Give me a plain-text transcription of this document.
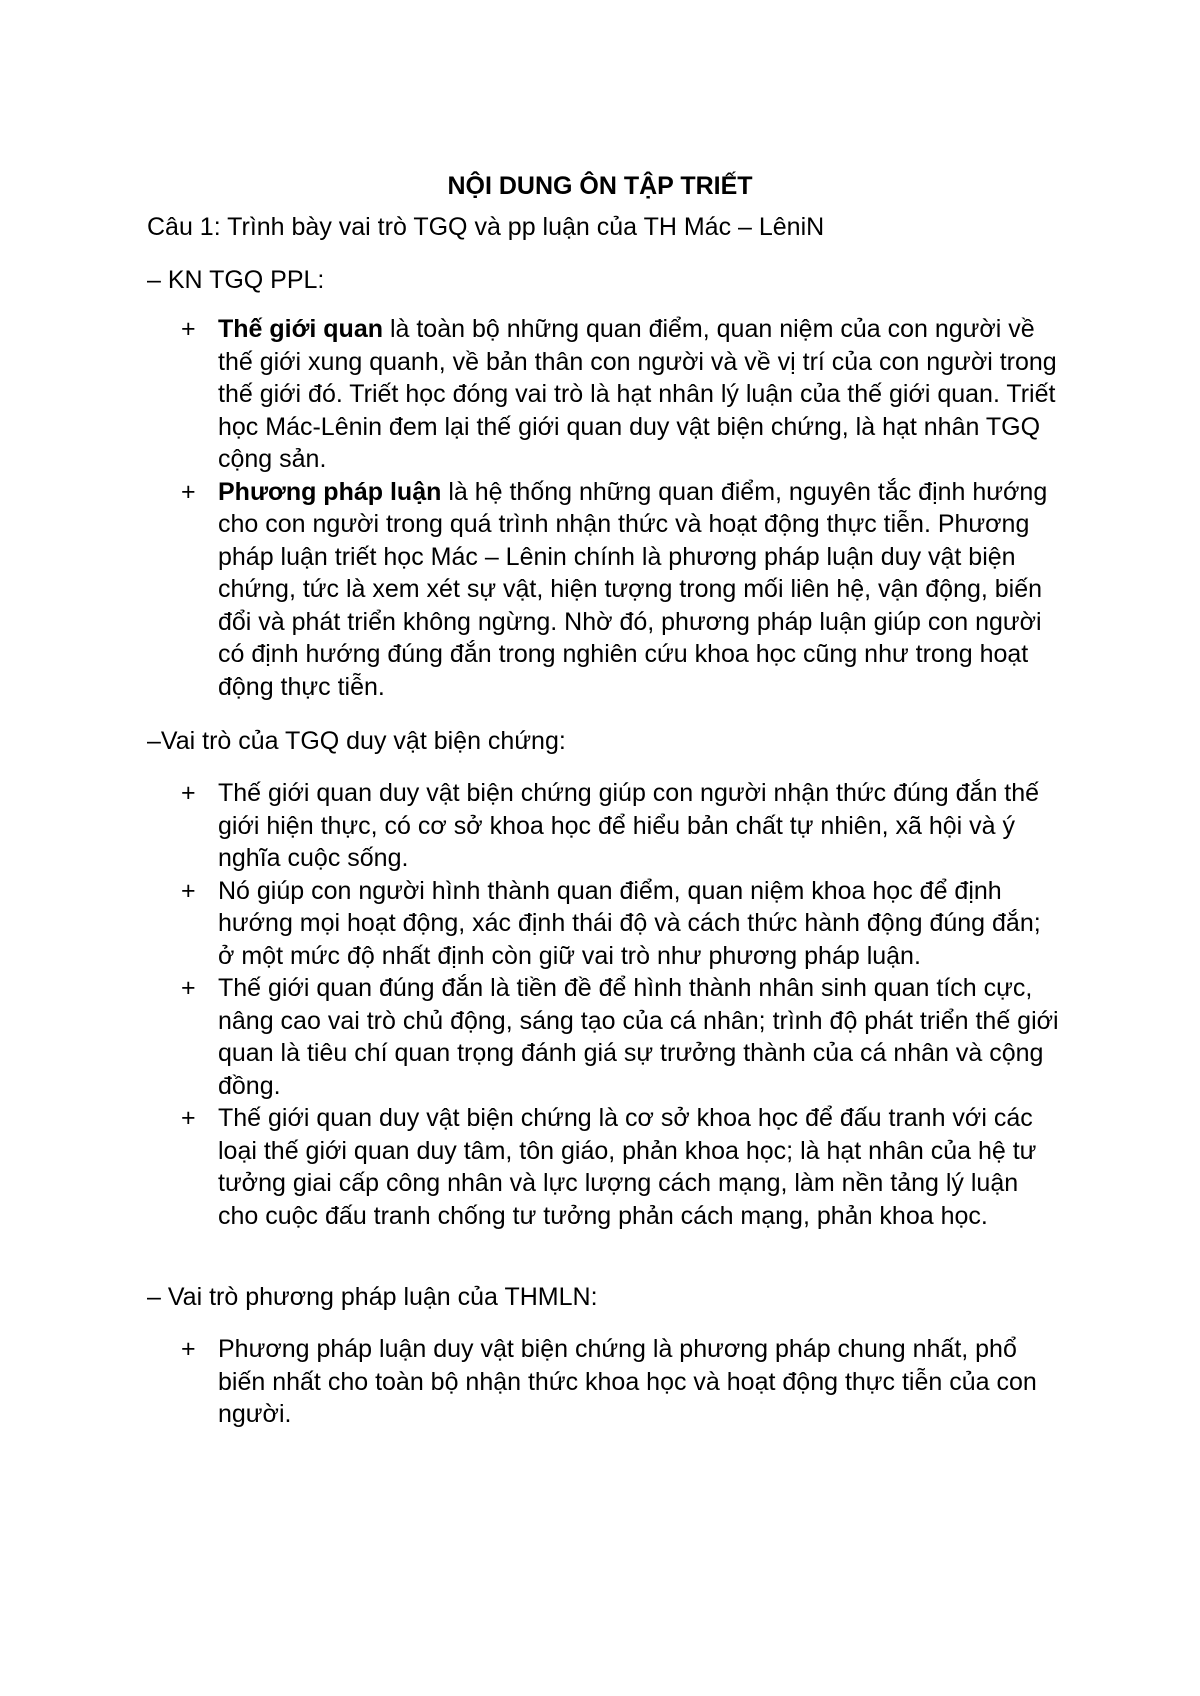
NỘI DUNG ÔN TẬP TRIẾT

Câu 1: Trình bày vai trò TGQ và pp luận của TH Mác – LêniN

– KN TGQ PPL:

+ Thế giới quan là toàn bộ những quan điểm, quan niệm của con người về thế giới xung quanh, về bản thân con người và về vị trí của con người trong thế giới đó. Triết học đóng vai trò là hạt nhân lý luận của thế giới quan. Triết học Mác-Lênin đem lại thế giới quan duy vật biện chứng, là hạt nhân TGQ cộng sản.
+ Phương pháp luận là hệ thống những quan điểm, nguyên tắc định hướng cho con người trong quá trình nhận thức và hoạt động thực tiễn. Phương pháp luận triết học Mác – Lênin chính là phương pháp luận duy vật biện chứng, tức là xem xét sự vật, hiện tượng trong mối liên hệ, vận động, biến đổi và phát triển không ngừng. Nhờ đó, phương pháp luận giúp con người có định hướng đúng đắn trong nghiên cứu khoa học cũng như trong hoạt động thực tiễn.

–Vai trò của TGQ duy vật biện chứng:

+ Thế giới quan duy vật biện chứng giúp con người nhận thức đúng đắn thế giới hiện thực, có cơ sở khoa học để hiểu bản chất tự nhiên, xã hội và ý nghĩa cuộc sống.
+ Nó giúp con người hình thành quan điểm, quan niệm khoa học để định hướng mọi hoạt động, xác định thái độ và cách thức hành động đúng đắn; ở một mức độ nhất định còn giữ vai trò như phương pháp luận.
+ Thế giới quan đúng đắn là tiền đề để hình thành nhân sinh quan tích cực, nâng cao vai trò chủ động, sáng tạo của cá nhân; trình độ phát triển thế giới quan là tiêu chí quan trọng đánh giá sự trưởng thành của cá nhân và cộng đồng.
+ Thế giới quan duy vật biện chứng là cơ sở khoa học để đấu tranh với các loại thế giới quan duy tâm, tôn giáo, phản khoa học; là hạt nhân của hệ tư tưởng giai cấp công nhân và lực lượng cách mạng, làm nền tảng lý luận cho cuộc đấu tranh chống tư tưởng phản cách mạng, phản khoa học.

– Vai trò phương pháp luận của THMLN:

+ Phương pháp luận duy vật biện chứng là phương pháp chung nhất, phổ biến nhất cho toàn bộ nhận thức khoa học và hoạt động thực tiễn của con người.
